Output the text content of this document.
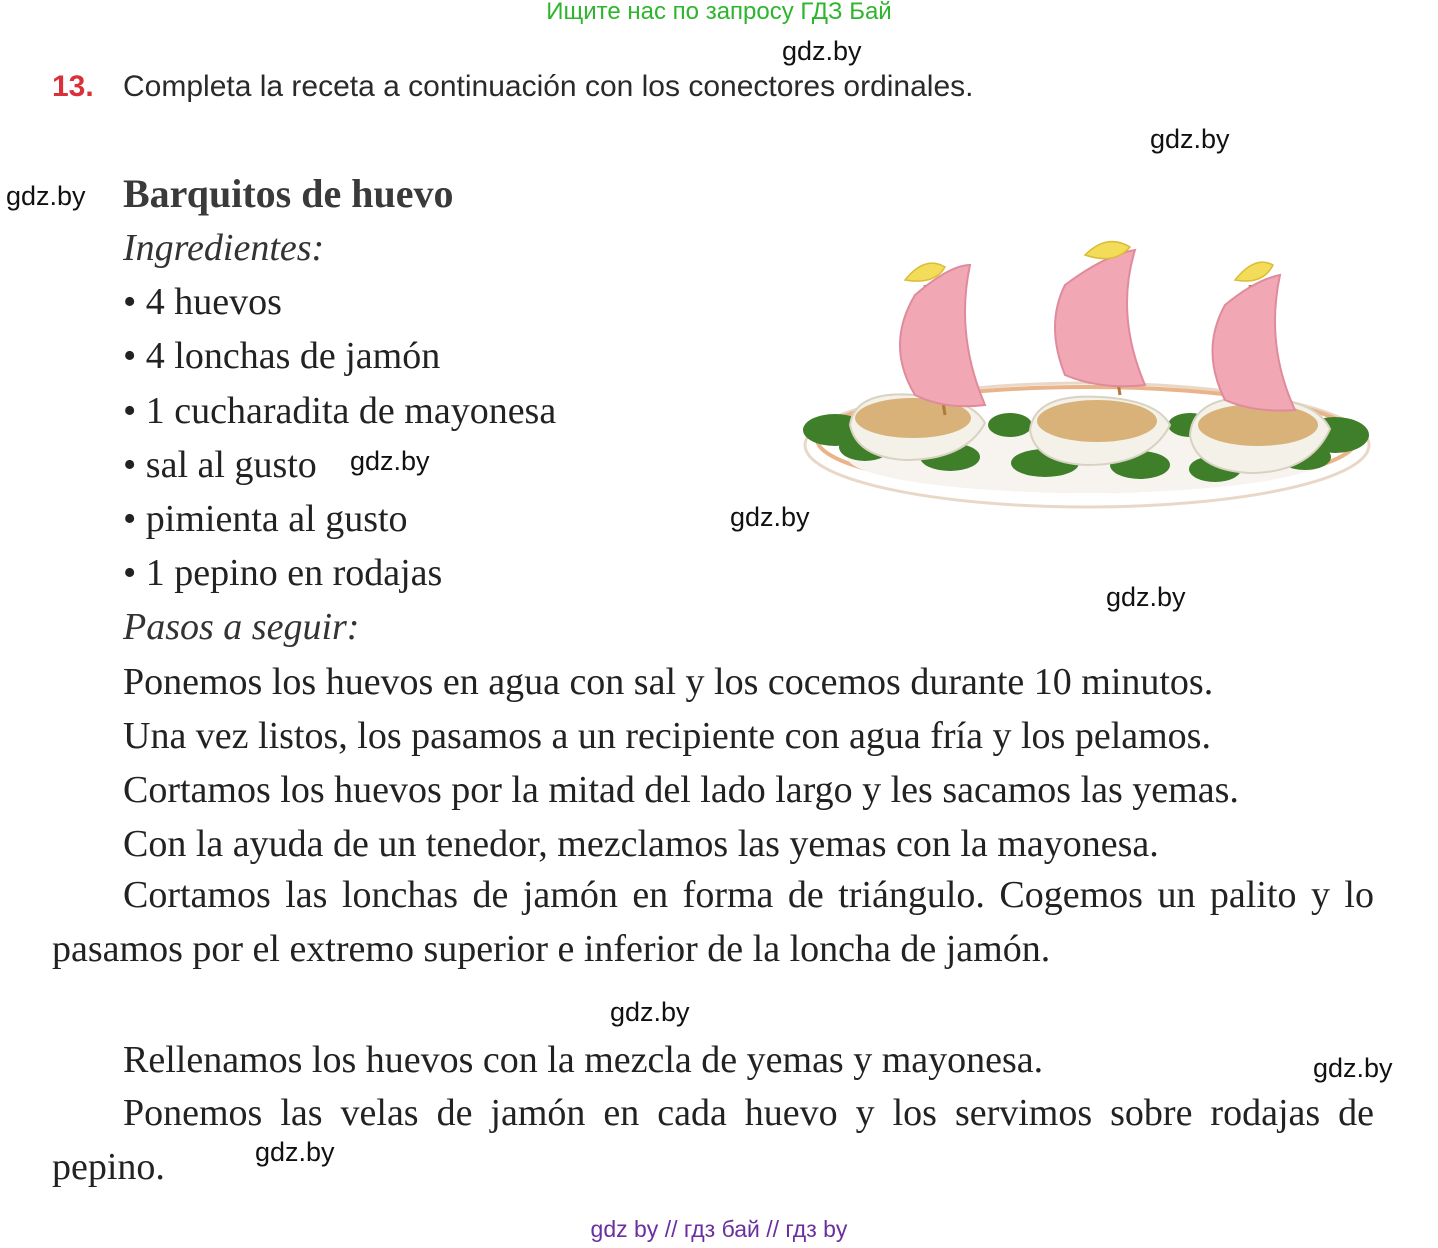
Ищите нас по запросу ГДЗ Бай
gdz.by
gdz.by
gdz.by
gdz.by
gdz.by
gdz.by
gdz.by
gdz.by
gdz.by
13. Completa la receta a continuación con los conectores ordinales.
Barquitos de huevo
Ingredientes:
• 4 huevos
• 4 lonchas de jamón
• 1 cucharadita de mayonesa
• sal al gusto
• pimienta al gusto
• 1 pepino en rodajas
Pasos a seguir:
Ponemos los huevos en agua con sal y los cocemos durante 10 minutos.
Una vez listos, los pasamos a un recipiente con agua fría y los pelamos.
Cortamos los huevos por la mitad del lado largo y les sacamos las yemas.
Con la ayuda de un tenedor, mezclamos las yemas con la mayonesa.

Cortamos las lonchas de jamón en forma de triángulo. Cogemos un palito y lo pasamos por el extremo superior e inferior de la loncha de jamón.

Rellenamos los huevos con la mezcla de yemas y mayonesa.

Ponemos las velas de jamón en cada huevo y los servimos sobre rodajas de pepino.

gdz by // гдз бай // гдз by
